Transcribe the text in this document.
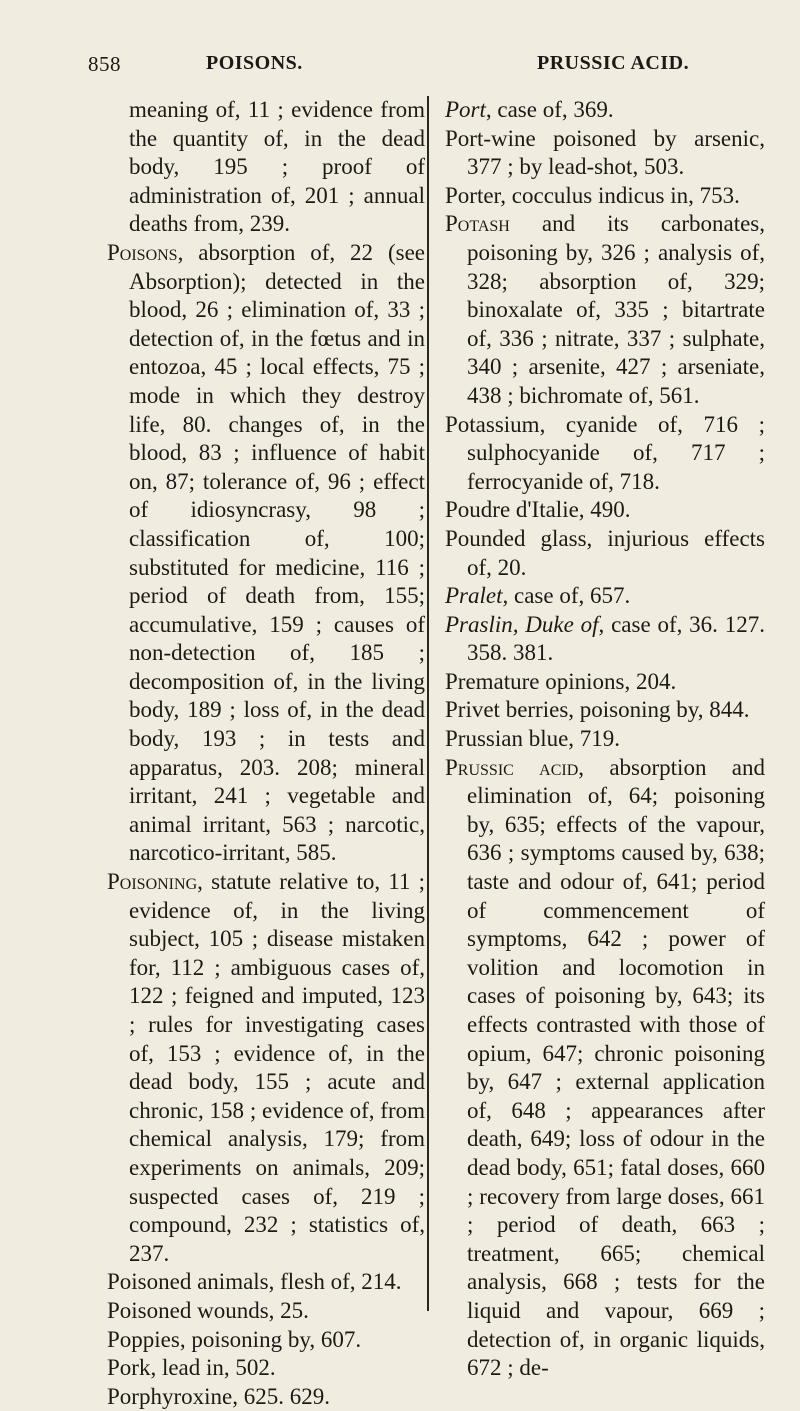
858	POISONS.	PRUSSIC ACID.

meaning of, 11 ; evidence from the quantity of, in the dead body, 195 ; proof of administration of, 201 ; annual deaths from, 239.

Poisons, absorption of, 22 (see Absorption); detected in the blood, 26 ; elimination of, 33 ; detection of, in the fœtus and in entozoa, 45 ; local effects, 75 ; mode in which they destroy life, 80. changes of, in the blood, 83 ; influence of habit on, 87; tolerance of, 96 ; effect of idiosyncrasy, 98 ; classification of, 100; substituted for medicine, 116 ; period of death from, 155; accumulative, 159 ; causes of non-detection of, 185 ; decomposition of, in the living body, 189 ; loss of, in the dead body, 193 ; in tests and apparatus, 203. 208; mineral irritant, 241 ; vegetable and animal irritant, 563 ; narcotic, narcotico-irritant, 585.

Poisoning, statute relative to, 11 ; evidence of, in the living subject, 105 ; disease mistaken for, 112 ; ambiguous cases of, 122 ; feigned and imputed, 123 ; rules for investigating cases of, 153 ; evidence of, in the dead body, 155 ; acute and chronic, 158 ; evidence of, from chemical analysis, 179; from experiments on animals, 209; suspected cases of, 219 ; compound, 232 ; statistics of, 237.

Poisoned animals, flesh of, 214.

Poisoned wounds, 25.

Poppies, poisoning by, 607.

Pork, lead in, 502.

Porphyroxine, 625. 629.

Port, case of, 369.

Port-wine poisoned by arsenic, 377 ; by lead-shot, 503.

Porter, cocculus indicus in, 753.

Potash and its carbonates, poisoning by, 326 ; analysis of, 328; absorption of, 329; binoxalate of, 335 ; bitartrate of, 336 ; nitrate, 337 ; sulphate, 340 ; arsenite, 427 ; arseniate, 438 ; bichromate of, 561.

Potassium, cyanide of, 716 ; sulphocyanide of, 717 ; ferrocyanide of, 718.

Poudre d'Italie, 490.

Pounded glass, injurious effects of, 20.

Pralet, case of, 657.

Praslin, Duke of, case of, 36. 127. 358. 381.

Premature opinions, 204.

Privet berries, poisoning by, 844.

Prussian blue, 719.

Prussic acid, absorption and elimination of, 64; poisoning by, 635; effects of the vapour, 636 ; symptoms caused by, 638; taste and odour of, 641; period of commencement of symptoms, 642 ; power of volition and locomotion in cases of poisoning by, 643; its effects contrasted with those of opium, 647; chronic poisoning by, 647 ; external application of, 648 ; appearances after death, 649; loss of odour in the dead body, 651; fatal doses, 660 ; recovery from large doses, 661 ; period of death, 663 ; treatment, 665; chemical analysis, 668 ; tests for the liquid and vapour, 669 ; detection of, in organic liquids, 672 ; de-
